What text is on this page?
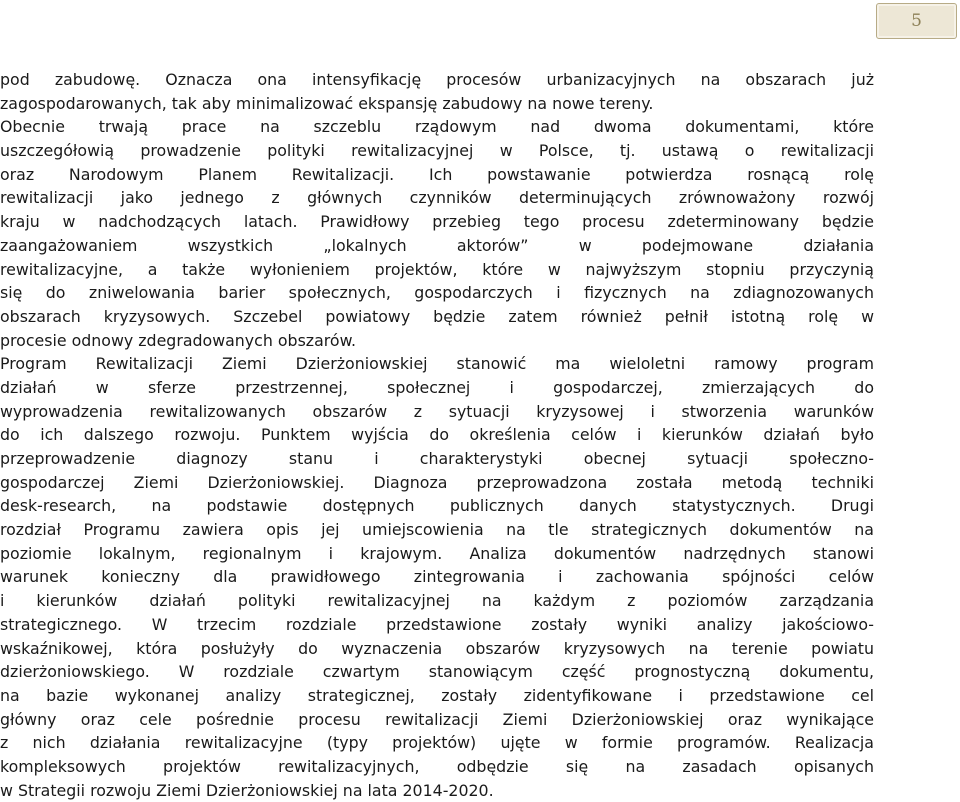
5

pod zabudowę. Oznacza ona intensyfikację procesów urbanizacyjnych na obszarach już

zagospodarowanych, tak aby minimalizować ekspansję zabudowy na nowe tereny.

Obecnie trwają prace na szczeblu rządowym nad dwoma dokumentami, które

uszczegółowią prowadzenie polityki rewitalizacyjnej w Polsce, tj. ustawą o rewitalizacji

oraz Narodowym Planem Rewitalizacji. Ich powstawanie potwierdza rosnącą rolę

rewitalizacji jako jednego z głównych czynników determinujących zrównoważony rozwój

kraju w nadchodzących latach. Prawidłowy przebieg tego procesu zdeterminowany będzie

zaangażowaniem wszystkich „lokalnych aktorów” w podejmowane działania

rewitalizacyjne, a także wyłonieniem projektów, które w najwyższym stopniu przyczynią

się do zniwelowania barier społecznych, gospodarczych i fizycznych na zdiagnozowanych

obszarach kryzysowych. Szczebel powiatowy będzie zatem również pełnił istotną rolę w

procesie odnowy zdegradowanych obszarów.

Program Rewitalizacji Ziemi Dzierżoniowskiej stanowić ma wieloletni ramowy program

działań w sferze przestrzennej, społecznej i gospodarczej, zmierzających do

wyprowadzenia rewitalizowanych obszarów z sytuacji kryzysowej i stworzenia warunków

do ich dalszego rozwoju. Punktem wyjścia do określenia celów i kierunków działań było

przeprowadzenie diagnozy stanu i charakterystyki obecnej sytuacji społeczno-

gospodarczej Ziemi Dzierżoniowskiej. Diagnoza przeprowadzona została metodą techniki

desk-research, na podstawie dostępnych publicznych danych statystycznych. Drugi

rozdział Programu zawiera opis jej umiejscowienia na tle strategicznych dokumentów na

poziomie lokalnym, regionalnym i krajowym. Analiza dokumentów nadrzędnych stanowi

warunek konieczny dla prawidłowego zintegrowania i zachowania spójności celów

i kierunków działań polityki rewitalizacyjnej na każdym z poziomów zarządzania

strategicznego. W trzecim rozdziale przedstawione zostały wyniki analizy jakościowo-

wskaźnikowej, która posłużyły do wyznaczenia obszarów kryzysowych na terenie powiatu

dzierżoniowskiego. W rozdziale czwartym stanowiącym część prognostyczną dokumentu,

na bazie wykonanej analizy strategicznej, zostały zidentyfikowane i przedstawione cel

główny oraz cele pośrednie procesu rewitalizacji Ziemi Dzierżoniowskiej oraz wynikające

z nich działania rewitalizacyjne (typy projektów) ujęte w formie programów. Realizacja

kompleksowych projektów rewitalizacyjnych, odbędzie się na zasadach opisanych

w Strategii rozwoju Ziemi Dzierżoniowskiej na lata 2014-2020.
